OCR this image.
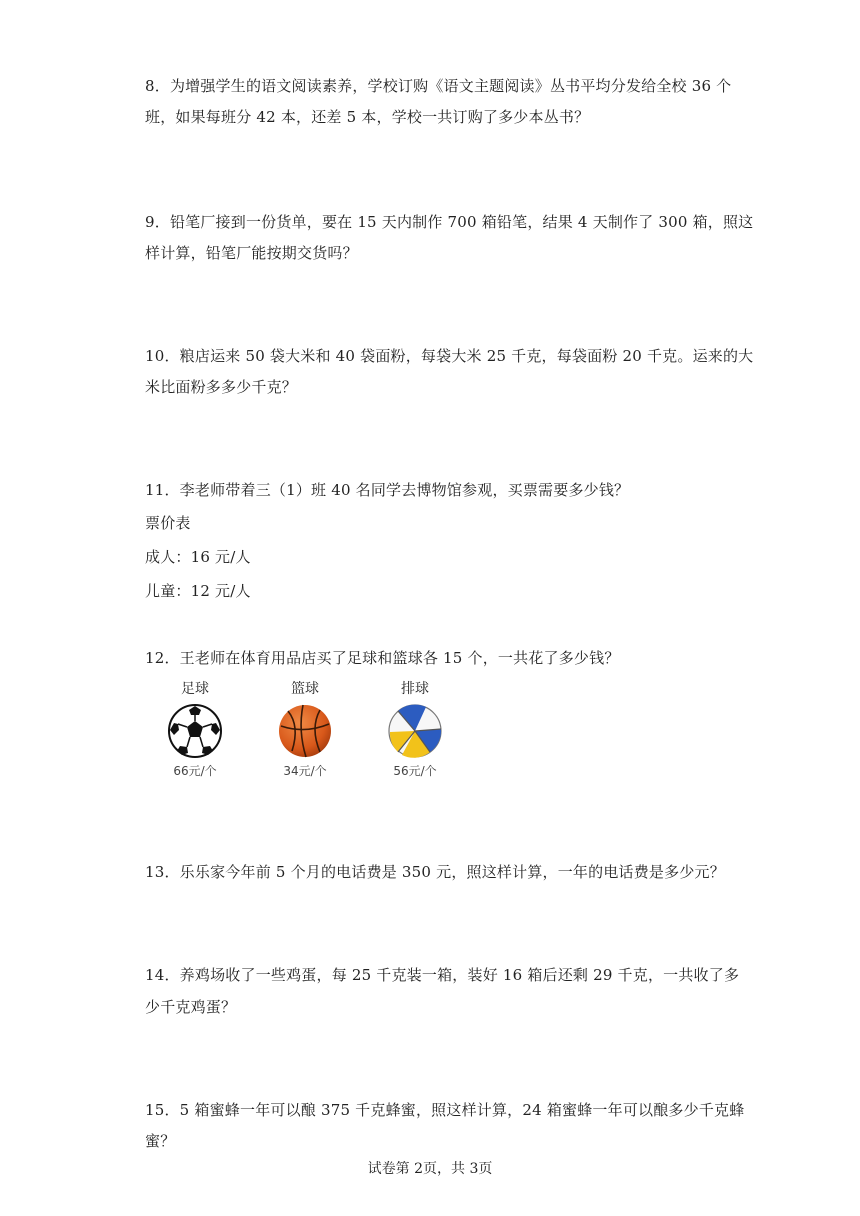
8．为增强学生的语文阅读素养，学校订购《语文主题阅读》丛书平均分发给全校 36 个
班，如果每班分 42 本，还差 5 本，学校一共订购了多少本丛书？
9．铅笔厂接到一份货单，要在 15 天内制作 700 箱铅笔，结果 4 天制作了 300 箱，照这
样计算，铅笔厂能按期交货吗？
10．粮店运来 50 袋大米和 40 袋面粉，每袋大米 25 千克，每袋面粉 20 千克。运来的大
米比面粉多多少千克？
11．李老师带着三（1）班 40 名同学去博物馆参观，买票需要多少钱？
票价表
成人：16 元/人
儿童：12 元/人
12．王老师在体育用品店买了足球和篮球各 15 个，一共花了多少钱？
足球
66元/个
篮球
34元/个
排球
56元/个
13．乐乐家今年前 5 个月的电话费是 350 元，照这样计算，一年的电话费是多少元？
14．养鸡场收了一些鸡蛋，每 25 千克装一箱，装好 16 箱后还剩 29 千克，一共收了多
少千克鸡蛋？
15．5 箱蜜蜂一年可以酿 375 千克蜂蜜，照这样计算，24 箱蜜蜂一年可以酿多少千克蜂
蜜？
试卷第 2页，共 3页
